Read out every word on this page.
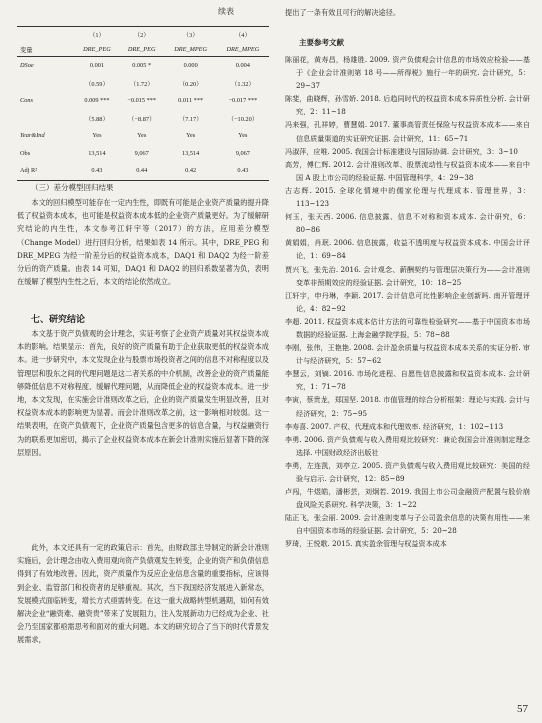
续表
	（1）	（2）	（3）	（4）
变量	DRE_PEG	DRE_PEG	DRE_MPEG	DRE_MPEG
DSoe	0.001	0.005 *	0.000	0.004
	（0.59）	（1.72）	（0.20）	（1.32）
Cons	0.009 ***	−0.015 ***	0.011 ***	−0.017 ***
	（5.88）	（−8.87）	（7.17）	（−10.20）
Year&Ind	Yes	Yes	Yes	Yes
Obs	13,514	9,067	13,514	9,067
Adj R²	0.43	0.44	0.42	0.43

（三）差分模型回归结果

本文的回归模型可能存在一定内生性，即既有可能是企业资产质量的提升降低了权益资本成本，也可能是权益资本成本低的企业资产质量更好。为了缓解研究结论的内生性，本文参考江轩宇等（2017）的方法，应用差分模型（Change Model）进行回归分析，结果如表 14 所示。其中，DRE_PEG 和 DRE_MPEG 为经一阶差分后的权益资本成本，DAQ1 和 DAQ2 为经一阶差分后的资产质量。由表 14 可知，DAQ1 和 DAQ2 的回归系数显著为负，表明在缓解了模型内生性之后，本文的结论依然成立。

七、研究结论

本文基于资产负债观的会计理念，实证考察了企业资产质量对其权益资本成本的影响。结果显示：首先，良好的资产质量有助于企业获取更低的权益资本成本。进一步研究中，本文发现企业与股票市场投资者之间的信息不对称程度以及管理层和股东之间的代理问题是这二者关系的中介机制，改善企业的资产质量能够降低信息不对称程度、缓解代理问题，从而降低企业的权益资本成本。进一步地，本文发现，在实施会计准则改革之后，企业的资产质量发生明显改善，且对权益资本成本的影响更为显著。而会计准则改革之前，这一影响相对较弱。这一结果表明，在资产负债观下，企业资产质量包含更多的信息含量，与权益融资行为的联系更加密切，揭示了企业权益资本成本在新会计准则实施后显著下降的深层原因。

此外，本文还具有一定的政策启示：首先，由财政部主导制定的新会计准则实施后，会计理念由收入费用观向资产负债观发生转变，企业的资产和负债信息得到了有效地改善。因此，资产质量作为反应企业信息含量的重要指标，应该得到企业、监管部门和投资者的足够重视。其次，当下我国经济发展进入新常态，发展模式面临转变，增长方式亟需转变。在这一重大战略转型机遇期，如何有效解决企业“融资难、融资贵”带来了发展阻力，注入发展新动力已经成为企业、社会乃至国家都亟需思考和面对的重大问题。本文的研究切合了当下的时代背景发展需求，

提出了一条有效且可行的解决途径。

主要参考文献

陈丽花，黄寿昌，杨雄胜. 2009. 资产负债观会计信息的市场效应检验——基于《企业会计准则第 18 号——所得税》施行一年的研究. 会计研究，5：29~37

陈斐，曲晓辉，孙雪娇. 2018. 后趋同时代的权益资本成本异质性分析. 会计研究，2：11~18

冯来强，孔祥婷，曹慧娟. 2017. 董事高管责任保险与权益资本成本——来自信息质量渠道的实证研究证据. 会计研究，11：65~71

冯淑萍，应唯. 2005. 我国会计标准建设与国际协调. 会计研究，3：3~10

高芳，傅仁辉. 2012. 会计准则改革、股票流动性与权益资本成本——来自中国 A 股上市公司的经验证据. 中国管理科学，4：29~38

古志辉. 2015. 全球化情境中的儒家伦理与代理成本. 管理世界，3：113~123

何玉，张天西. 2006. 信息披露、信息不对称和资本成本. 会计研究，6：80~86

黄娟娟，肖珉. 2006. 信息披露，收益不透明度与权益资本成本. 中国会计评论，1：69~84

贾兴飞，张先治. 2016. 会计观念、薪酬契约与管理层决策行为——会计准则变革非预期效应的经验证据. 会计研究，10：18~25

江轩宇，申丹琳，李颖. 2017. 会计信息可比性影响企业创新吗. 南开管理评论，4：82~92

李超. 2011. 权益资本成本估计方法的可靠性检验研究——基于中国资本市场数据的经验证据. 上海金融学院学报，5：78~88

李刚，张伟，王艳艳. 2008. 会计盈余质量与权益资本成本关系的实证分析. 审计与经济研究，5：57~62

李慧云，刘镝. 2016. 市场化进程、自愿性信息披露和权益资本成本. 会计研究，1：71~78

李寅，蔡贵龙，郑国坚. 2018. 市值管理的综合分析框架：理论与实践. 会计与经济研究，2：75~95

李寿喜. 2007. 产权、代理成本和代理效率. 经济研究，1：102~113

李勇. 2006. 资产负债观与收入费用观比较研究：兼论我国会计准则制定理念选择. 中国财政经济出版社

李勇，左连凯，刘亭立. 2005. 资产负债观与收入费用观比较研究：美国的经验与启示. 会计研究，12：85~89

卢闯，牛煜皓，潘彬芸，刘炯若. 2019. 我国上市公司金融资产配置与股价崩盘风险关系研究. 科学决策，3：1~22

陆正飞，张会丽. 2009. 会计准则变革与子公司盈余信息的决策有用性——来自中国资本市场的经验证据. 会计研究，5：20~28

罗琦，王悦歌. 2015. 真实盈余管理与权益资本成本

57
